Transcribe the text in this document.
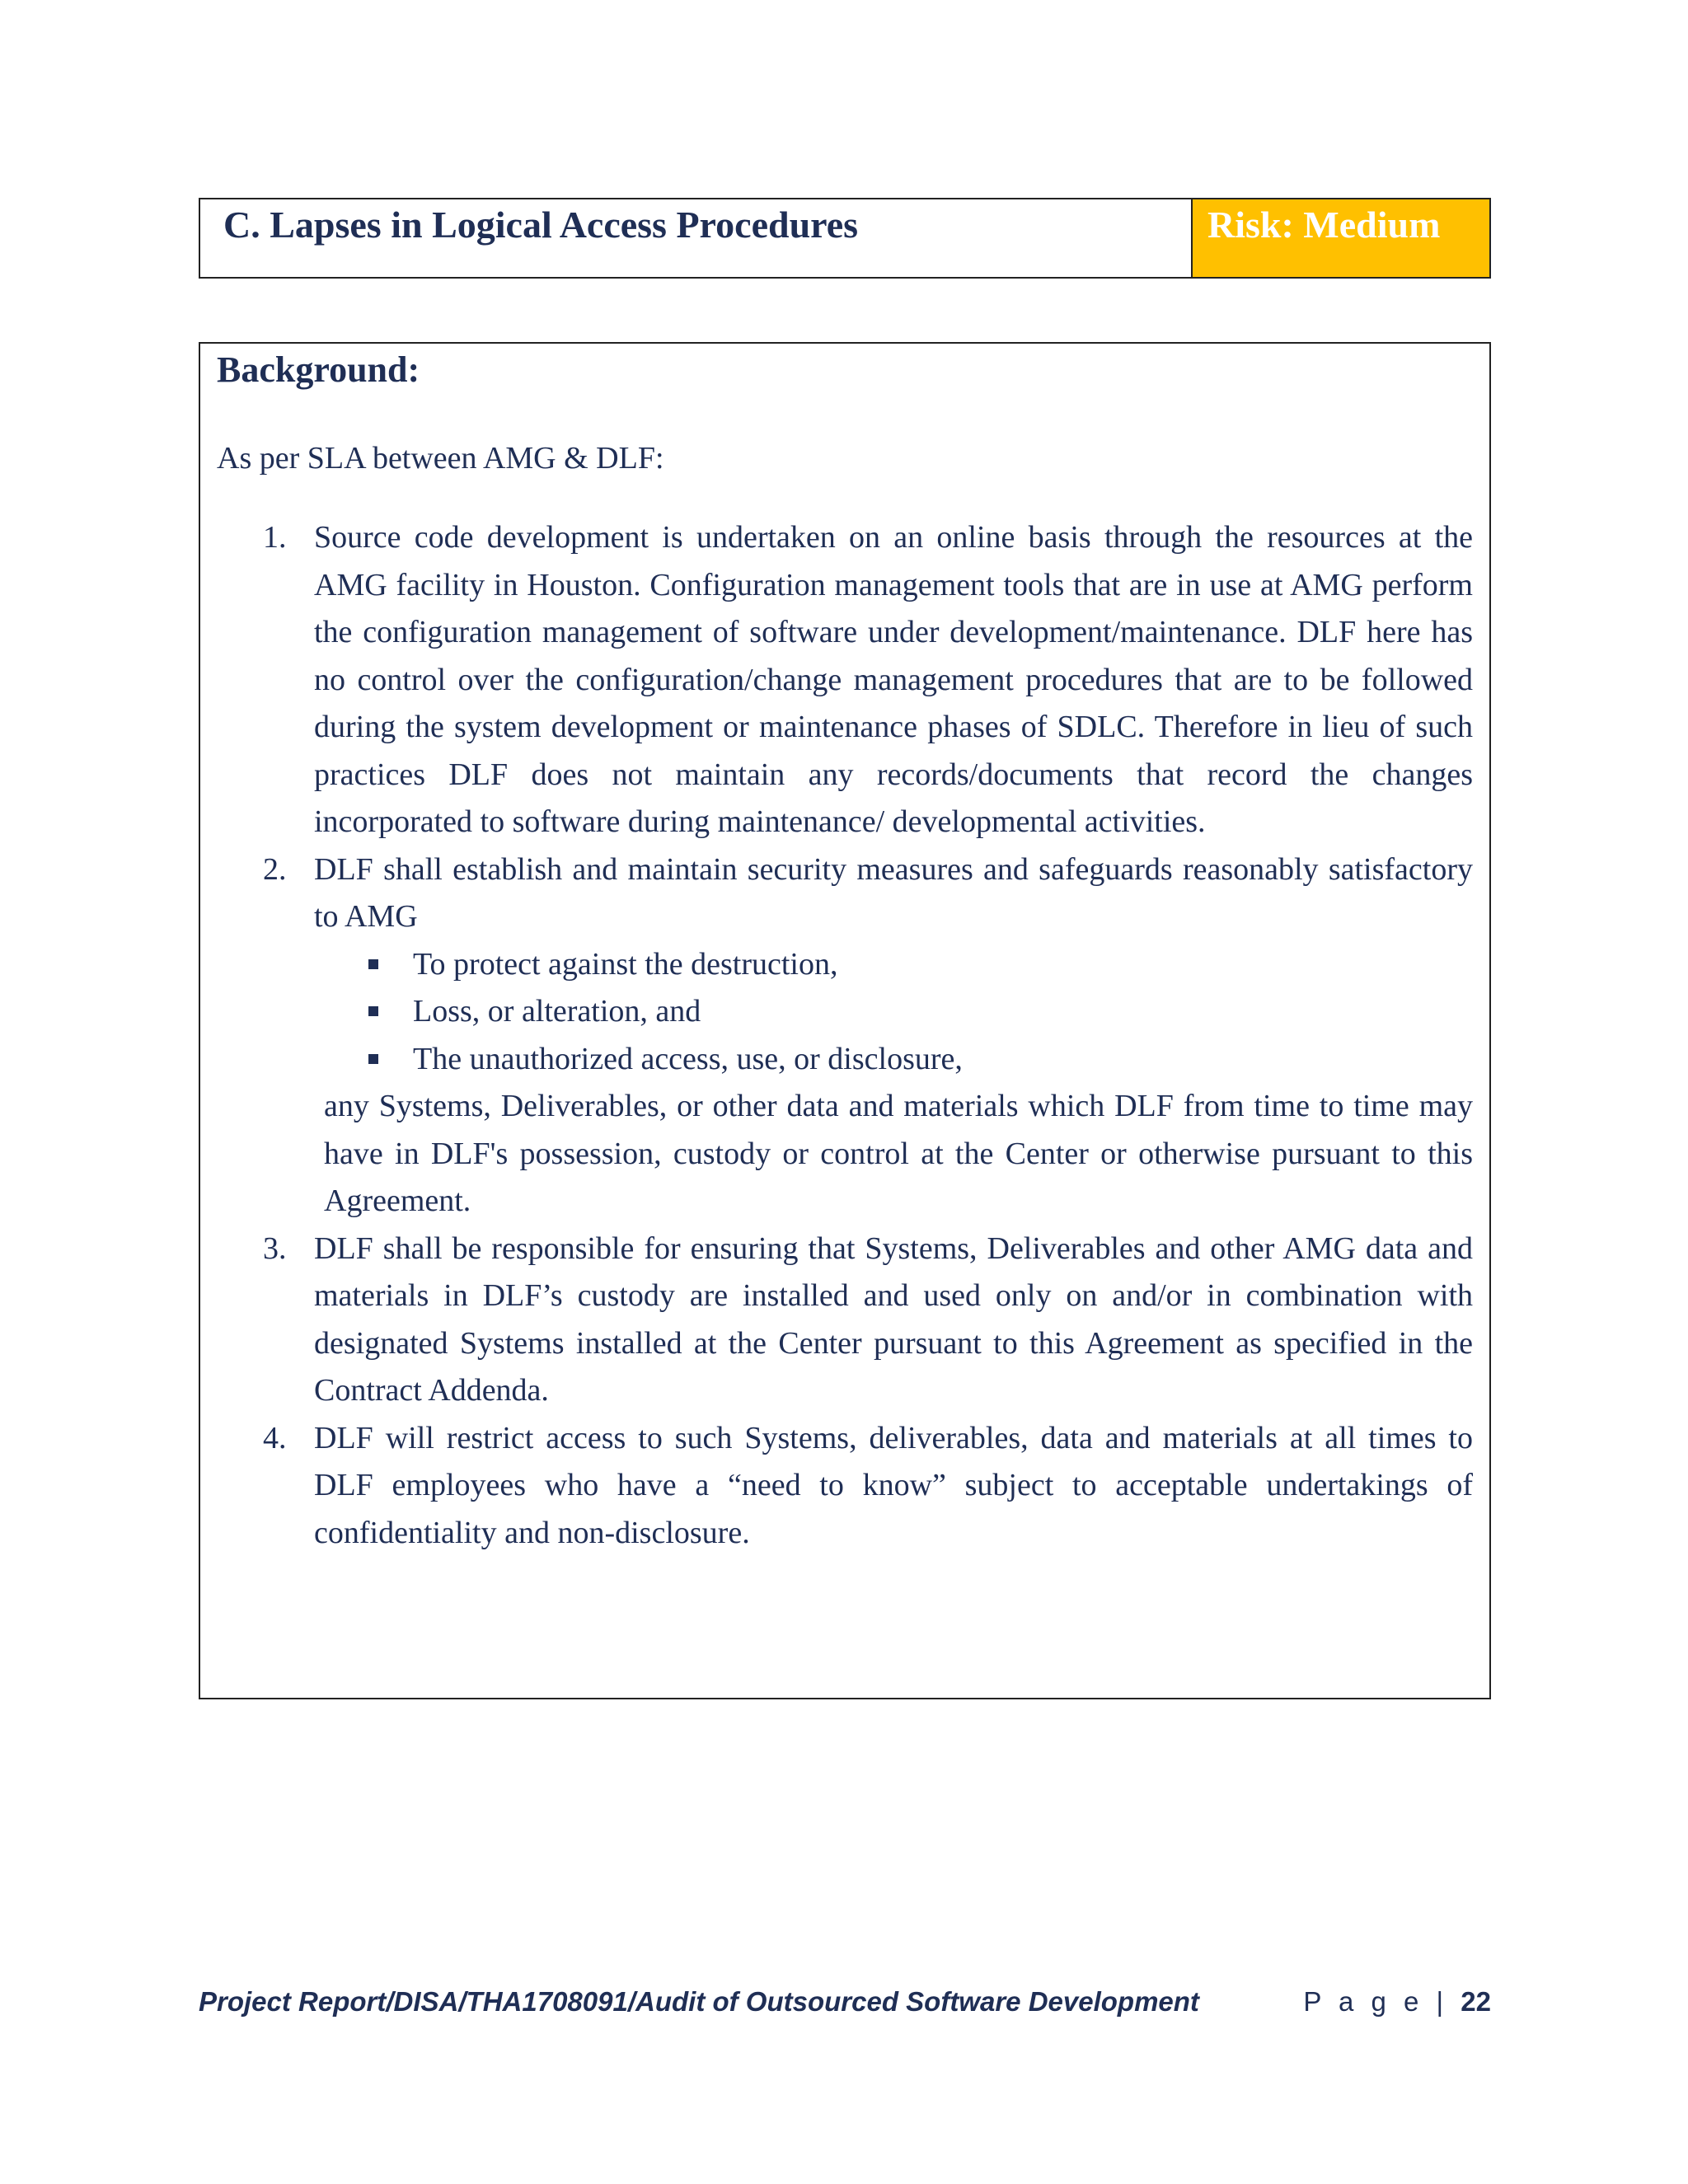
C. Lapses in Logical Access Procedures	Risk: Medium
Background:
As per SLA between AMG & DLF:
1. Source code development is undertaken on an online basis through the resources at the AMG facility in Houston. Configuration management tools that are in use at AMG perform the configuration management of software under development/maintenance. DLF here has no control over the configuration/change management procedures that are to be followed during the system development or maintenance phases of SDLC. Therefore in lieu of such practices DLF does not maintain any records/documents that record the changes incorporated to software during maintenance/ developmental activities.
2. DLF shall establish and maintain security measures and safeguards reasonably satisfactory to AMG
To protect against the destruction,
Loss, or alteration, and
The unauthorized access, use, or disclosure,
any Systems, Deliverables, or other data and materials which DLF from time to time may have in DLF's possession, custody or control at the Center or otherwise pursuant to this Agreement.
3. DLF shall be responsible for ensuring that Systems, Deliverables and other AMG data and materials in DLF’s custody are installed and used only on and/or in combination with designated Systems installed at the Center pursuant to this Agreement as specified in the Contract Addenda.
4. DLF will restrict access to such Systems, deliverables, data and materials at all times to DLF employees who have a “need to know” subject to acceptable undertakings of confidentiality and non-disclosure.
Project Report/DISA/THA1708091/Audit of Outsourced Software Development	P a g e | 22
